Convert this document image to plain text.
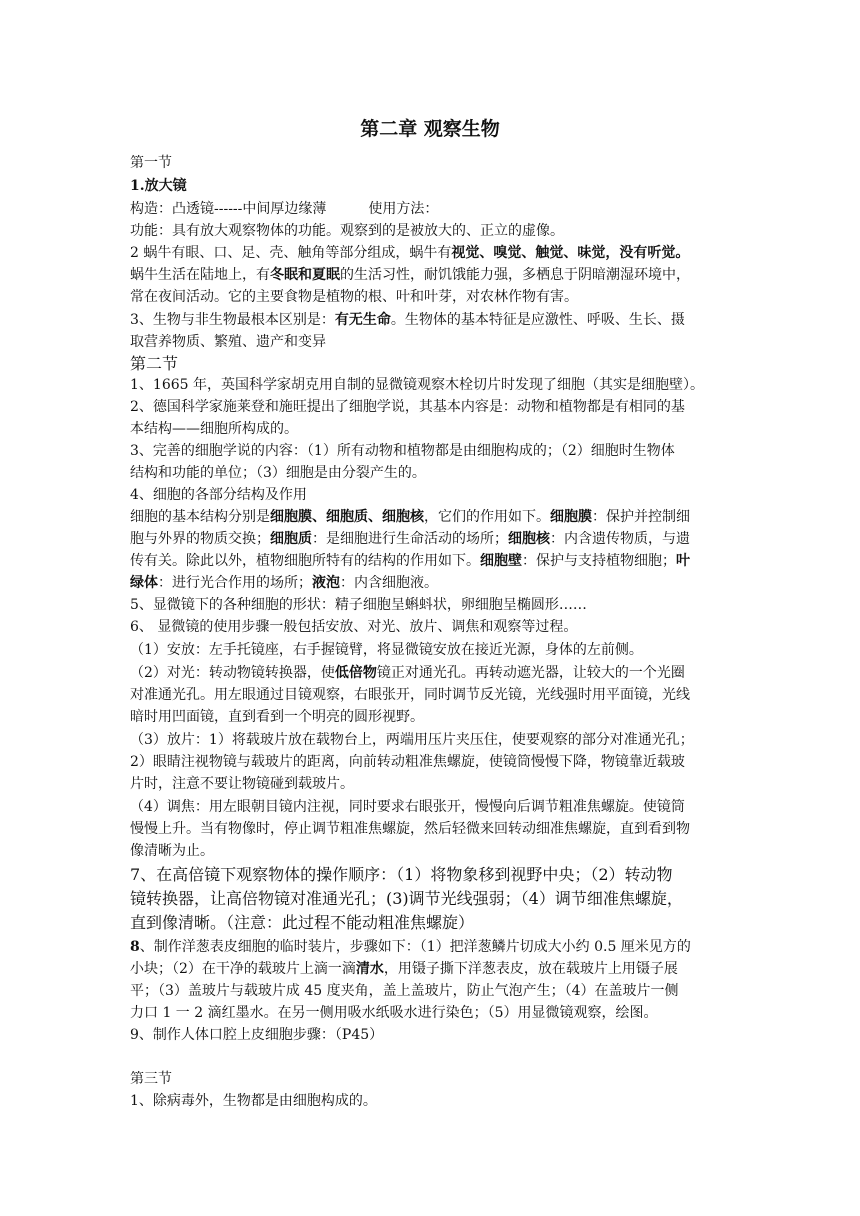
第二章 观察生物
第一节
1.放大镜
构造：凸透镜------中间厚边缘薄　　　使用方法：
功能：具有放大观察物体的功能。观察到的是被放大的、正立的虚像。
2 蜗牛有眼、口、足、壳、触角等部分组成，蜗牛有视觉、嗅觉、触觉、味觉，没有听觉。
蜗牛生活在陆地上，有冬眠和夏眠的生活习性，耐饥饿能力强，多栖息于阴暗潮湿环境中，
常在夜间活动。它的主要食物是植物的根、叶和叶芽，对农林作物有害。
3、生物与非生物最根本区别是：有无生命。生物体的基本特征是应激性、呼吸、生长、摄
取营养物质、繁殖、遗产和变异
第二节
1、1665 年，英国科学家胡克用自制的显微镜观察木栓切片时发现了细胞（其实是细胞壁）。
2、德国科学家施莱登和施旺提出了细胞学说，其基本内容是：动物和植物都是有相同的基
本结构——细胞所构成的。
3、完善的细胞学说的内容：（1）所有动物和植物都是由细胞构成的；（2）细胞时生物体
结构和功能的单位；（3）细胞是由分裂产生的。
4、细胞的各部分结构及作用
细胞的基本结构分别是细胞膜、细胞质、细胞核，它们的作用如下。细胞膜：保护并控制细
胞与外界的物质交换；细胞质：是细胞进行生命活动的场所；细胞核：内含遗传物质，与遗
传有关。除此以外，植物细胞所特有的结构的作用如下。细胞壁：保护与支持植物细胞；叶
绿体：进行光合作用的场所；液泡：内含细胞液。
5、显微镜下的各种细胞的形状：精子细胞呈蝌蚪状，卵细胞呈椭圆形……
6、 显微镜的使用步骤一般包括安放、对光、放片、调焦和观察等过程。
（1）安放：左手托镜座，右手握镜臂，将显微镜安放在接近光源，身体的左前侧。
（2）对光：转动物镜转换器，使低倍物镜正对通光孔。再转动遮光器，让较大的一个光圈
对准通光孔。用左眼通过目镜观察，右眼张开，同时调节反光镜，光线强时用平面镜，光线
暗时用凹面镜，直到看到一个明亮的圆形视野。
（3）放片：1）将载玻片放在载物台上，两端用压片夹压住，使要观察的部分对准通光孔；
2）眼睛注视物镜与载玻片的距离，向前转动粗准焦螺旋，使镜筒慢慢下降，物镜靠近载玻
片时，注意不要让物镜碰到载玻片。
（4）调焦：用左眼朝目镜内注视，同时要求右眼张开，慢慢向后调节粗准焦螺旋。使镜筒
慢慢上升。当有物像时，停止调节粗准焦螺旋，然后轻微来回转动细准焦螺旋，直到看到物
像清晰为止。
7、在高倍镜下观察物体的操作顺序：（1）将物象移到视野中央；（2）转动物
镜转换器，让高倍物镜对准通光孔；(3)调节光线强弱；（4）调节细准焦螺旋，
直到像清晰。（注意：此过程不能动粗准焦螺旋）
8、制作洋葱表皮细胞的临时装片，步骤如下：（1）把洋葱鳞片切成大小约 0.5 厘米见方的
小块；（2）在干净的载玻片上滴一滴清水，用镊子撕下洋葱表皮，放在载玻片上用镊子展
平；（3）盖玻片与载玻片成 45 度夹角，盖上盖玻片，防止气泡产生；（4）在盖玻片一侧
力口 1 一 2 滴红墨水。在另一侧用吸水纸吸水进行染色；（5）用显微镜观察，绘图。
9、制作人体口腔上皮细胞步骤：（P45）
第三节
1、除病毒外，生物都是由细胞构成的。
